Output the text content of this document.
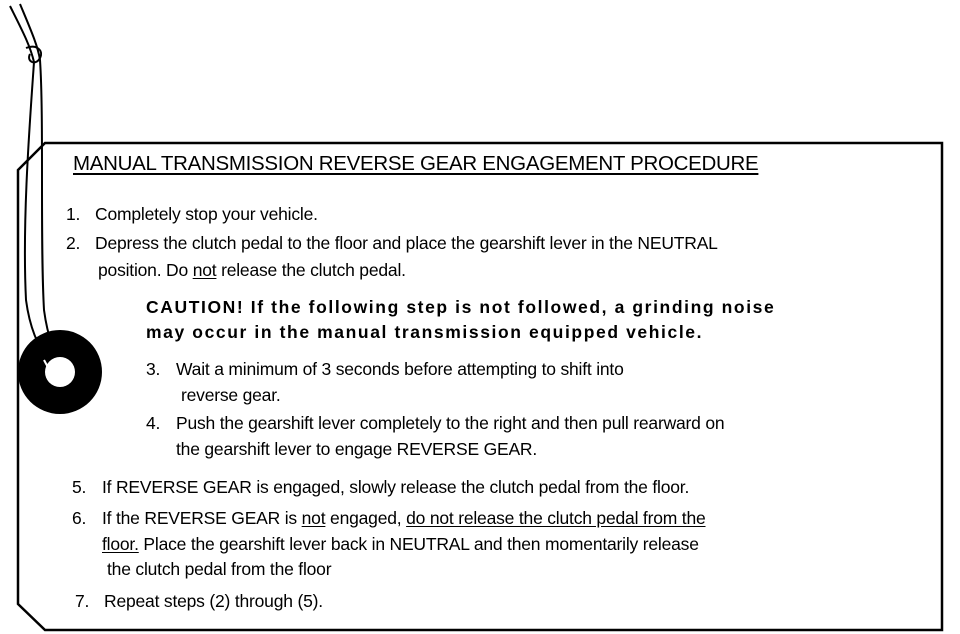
MANUAL TRANSMISSION REVERSE GEAR ENGAGEMENT PROCEDURE
1. Completely stop your vehicle.
2. Depress the clutch pedal to the floor and place the gearshift lever in the NEUTRAL
position. Do not release the clutch pedal.
CAUTION! If the following step is not followed, a grinding noise
may occur in the manual transmission equipped vehicle.
3. Wait a minimum of 3 seconds before attempting to shift into
reverse gear.
4. Push the gearshift lever completely to the right and then pull rearward on
the gearshift lever to engage REVERSE GEAR.
5. If REVERSE GEAR is engaged, slowly release the clutch pedal from the floor.
6. If the REVERSE GEAR is not engaged, do not release the clutch pedal from the
floor. Place the gearshift lever back in NEUTRAL and then momentarily release
the clutch pedal from the floor
7. Repeat steps (2) through (5).
